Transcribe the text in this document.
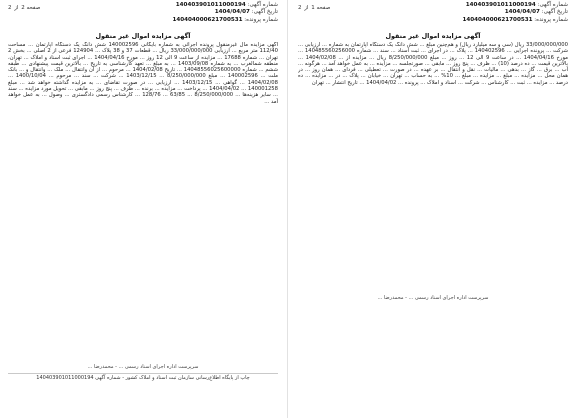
صفحه 2 از 2	شماره آگهی: 140403901011000194
تاریخ آگهی: 1404/04/07
شماره پرونده: 140404000621700531
آگهی مزایده اموال غیر منقول
آگهی مزایده مال غیرمنقول پرونده اجرائی به شماره بایگانی 140002596 شش دانگ یک دستگاه آپارتمان ... مساحت 112/40 متر مربع ... ارزیابی 33/000/000/000 ریال ... قطعات 37 و 38 پلاک ... 124904 فرعی از 2 اصلی ... بخش 2 تهران ... شماره 17688 ... مزایده از ساعت 9 الی 12 روز ... مورخ 1404/04/16 ... اجرای ثبت اسناد و املاک ... تهران، منطقه شمالغرب ... به شماره 1403/09/08 ... به مبلغ ... تعهد کارشناسی به تاریخ ... بالاترین قیمت پیشنهادی ... طبقه ششم ... شماره 14048556025600000 ... تاریخ 1404/02/08 ... مرحوم ... از آن وانتقال ... ملک ... وانتقال و ... بانک ملت ... 140002596 ... مبلغ 8/250/000/000 ... 1403/12/15 ... شرکت ... سند ... مرحوم ... 1400/10/04 ... 1404/02/08 ... گواهی ... 1403/12/15 ... ارزیابی ... در صورت تقاضای ... به مزایده گذاشته خواهد شد ... مبلغ 140001258 ... 1404/04/02 ... پرداخت ... مزایده ... برنده ... ظرف ... پنج روز ... مابقی ... تحویل مورد مزایده ... سند ... سایر هزینه‌ها ... 8/250/000/000 ... 63/85 ... 128/76 ... کارشناس رسمی دادگستری ... وصول ... به عمل خواهد آمد ...
سرپرست اداره اجرای اسناد رسمی ... - محمدرضا ...
چاپ از پایگاه اطلاع‌رسانی سازمان ثبت اسناد و املاک کشور - شماره آگهی 140403901011000194
صفحه 1 از 2	شماره آگهی: 140403901011000194
تاریخ آگهی: 1404/04/07
شماره پرونده: 140404000621700531
آگهی مزایده اموال غیر منقول
33/000/000/000 ریال (سی و سه میلیارد ریال) و هم‌چنین مبلغ ... شش دانگ یک دستگاه آپارتمان به شماره ... ارزیابی ... شرکت ... پرونده اجرایی ... 140402596 ... پلاک ... در اجرای ... ثبت اسناد ... سند ... شماره 140485560256000 ... مورخ 1404/04/16 ... در ساعت 9 الی 12 ... روز ... مبلغ 8/250/000/000 ریال ... مزایده از ... 1404/02/08 ... بالاترین قیمت ... ده درصد (10) ... ظرف ... پنج روز ... مابقی ... صورتجلسه ... مزایده ... به عمل خواهد آمد ... هرگونه ... آب ... برق ... گاز ... بدهی ... مالیات ... نقل و انتقال ... بر عهده ... در صورت ... تعطیلی ... فردای ... همان روز ... در همان محل ... مزایده ... مبلغ ... مزایده ... مبلغ ... 10% ... به حساب ... تهران ... خیابان ... پلاک ... در ... مزایده ... ده درصد ... مزایده ... ثبت ... کارشناس ... شرکت ... اسناد و املاک ... پرونده ... 1404/04/02 ... تاریخ انتشار ... تهران
سرپرست اداره اجرای اسناد رسمی ... - محمدرضا ...
